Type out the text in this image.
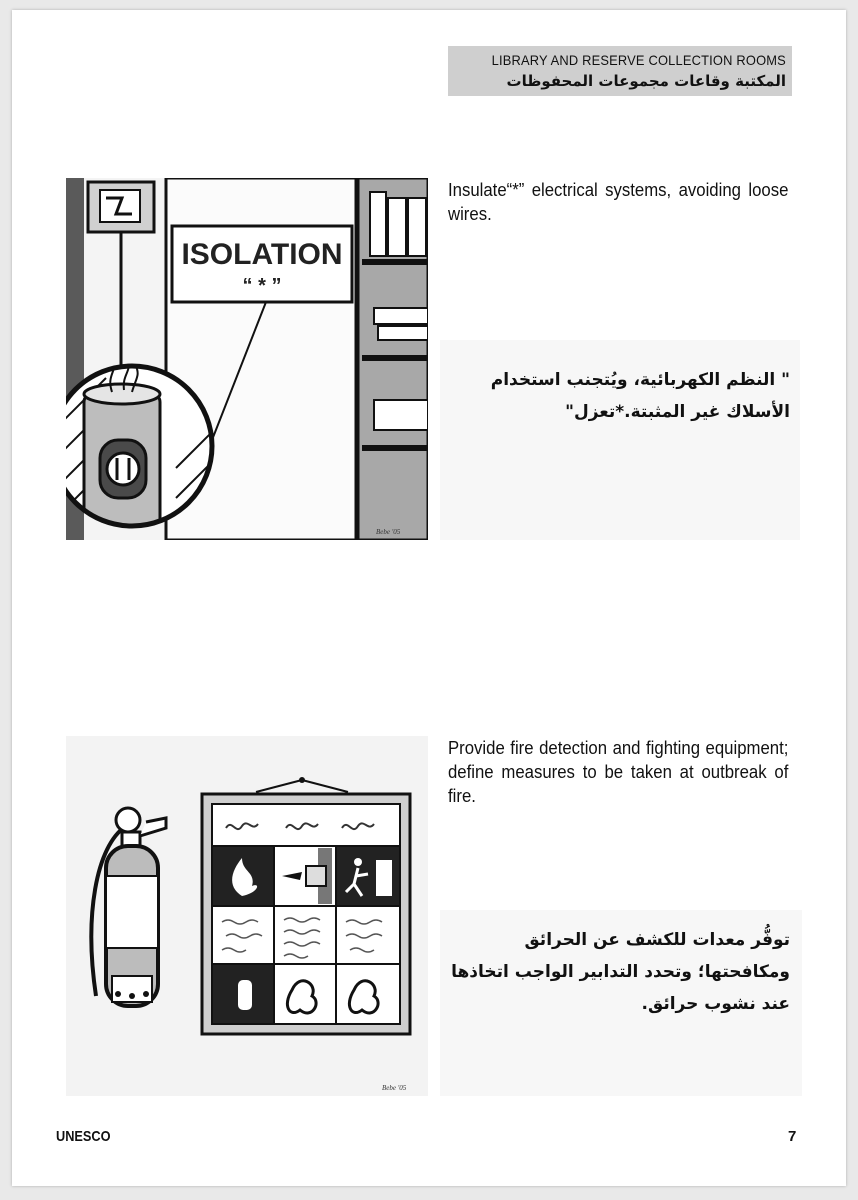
LIBRARY AND RESERVE COLLECTION ROOMS
المكتبة وقاعات مجموعات المحفوظات
ISOLATION
“ * ”
Bebe '05
Insulate“*” electrical systems, avoiding loose wires.
" النظم الكهربائية، ويُتجنب استخدام الأسلاك غير المثبتة.*تعزل"
Bebe '05
Provide fire detection and fighting equipment; define measures to be taken at outbreak of fire.
توفُّر معدات للكشف عن الحرائق ومكافحتها؛ وتحدد التدابير الواجب اتخاذها عند نشوب حرائق.
UNESCO	7
